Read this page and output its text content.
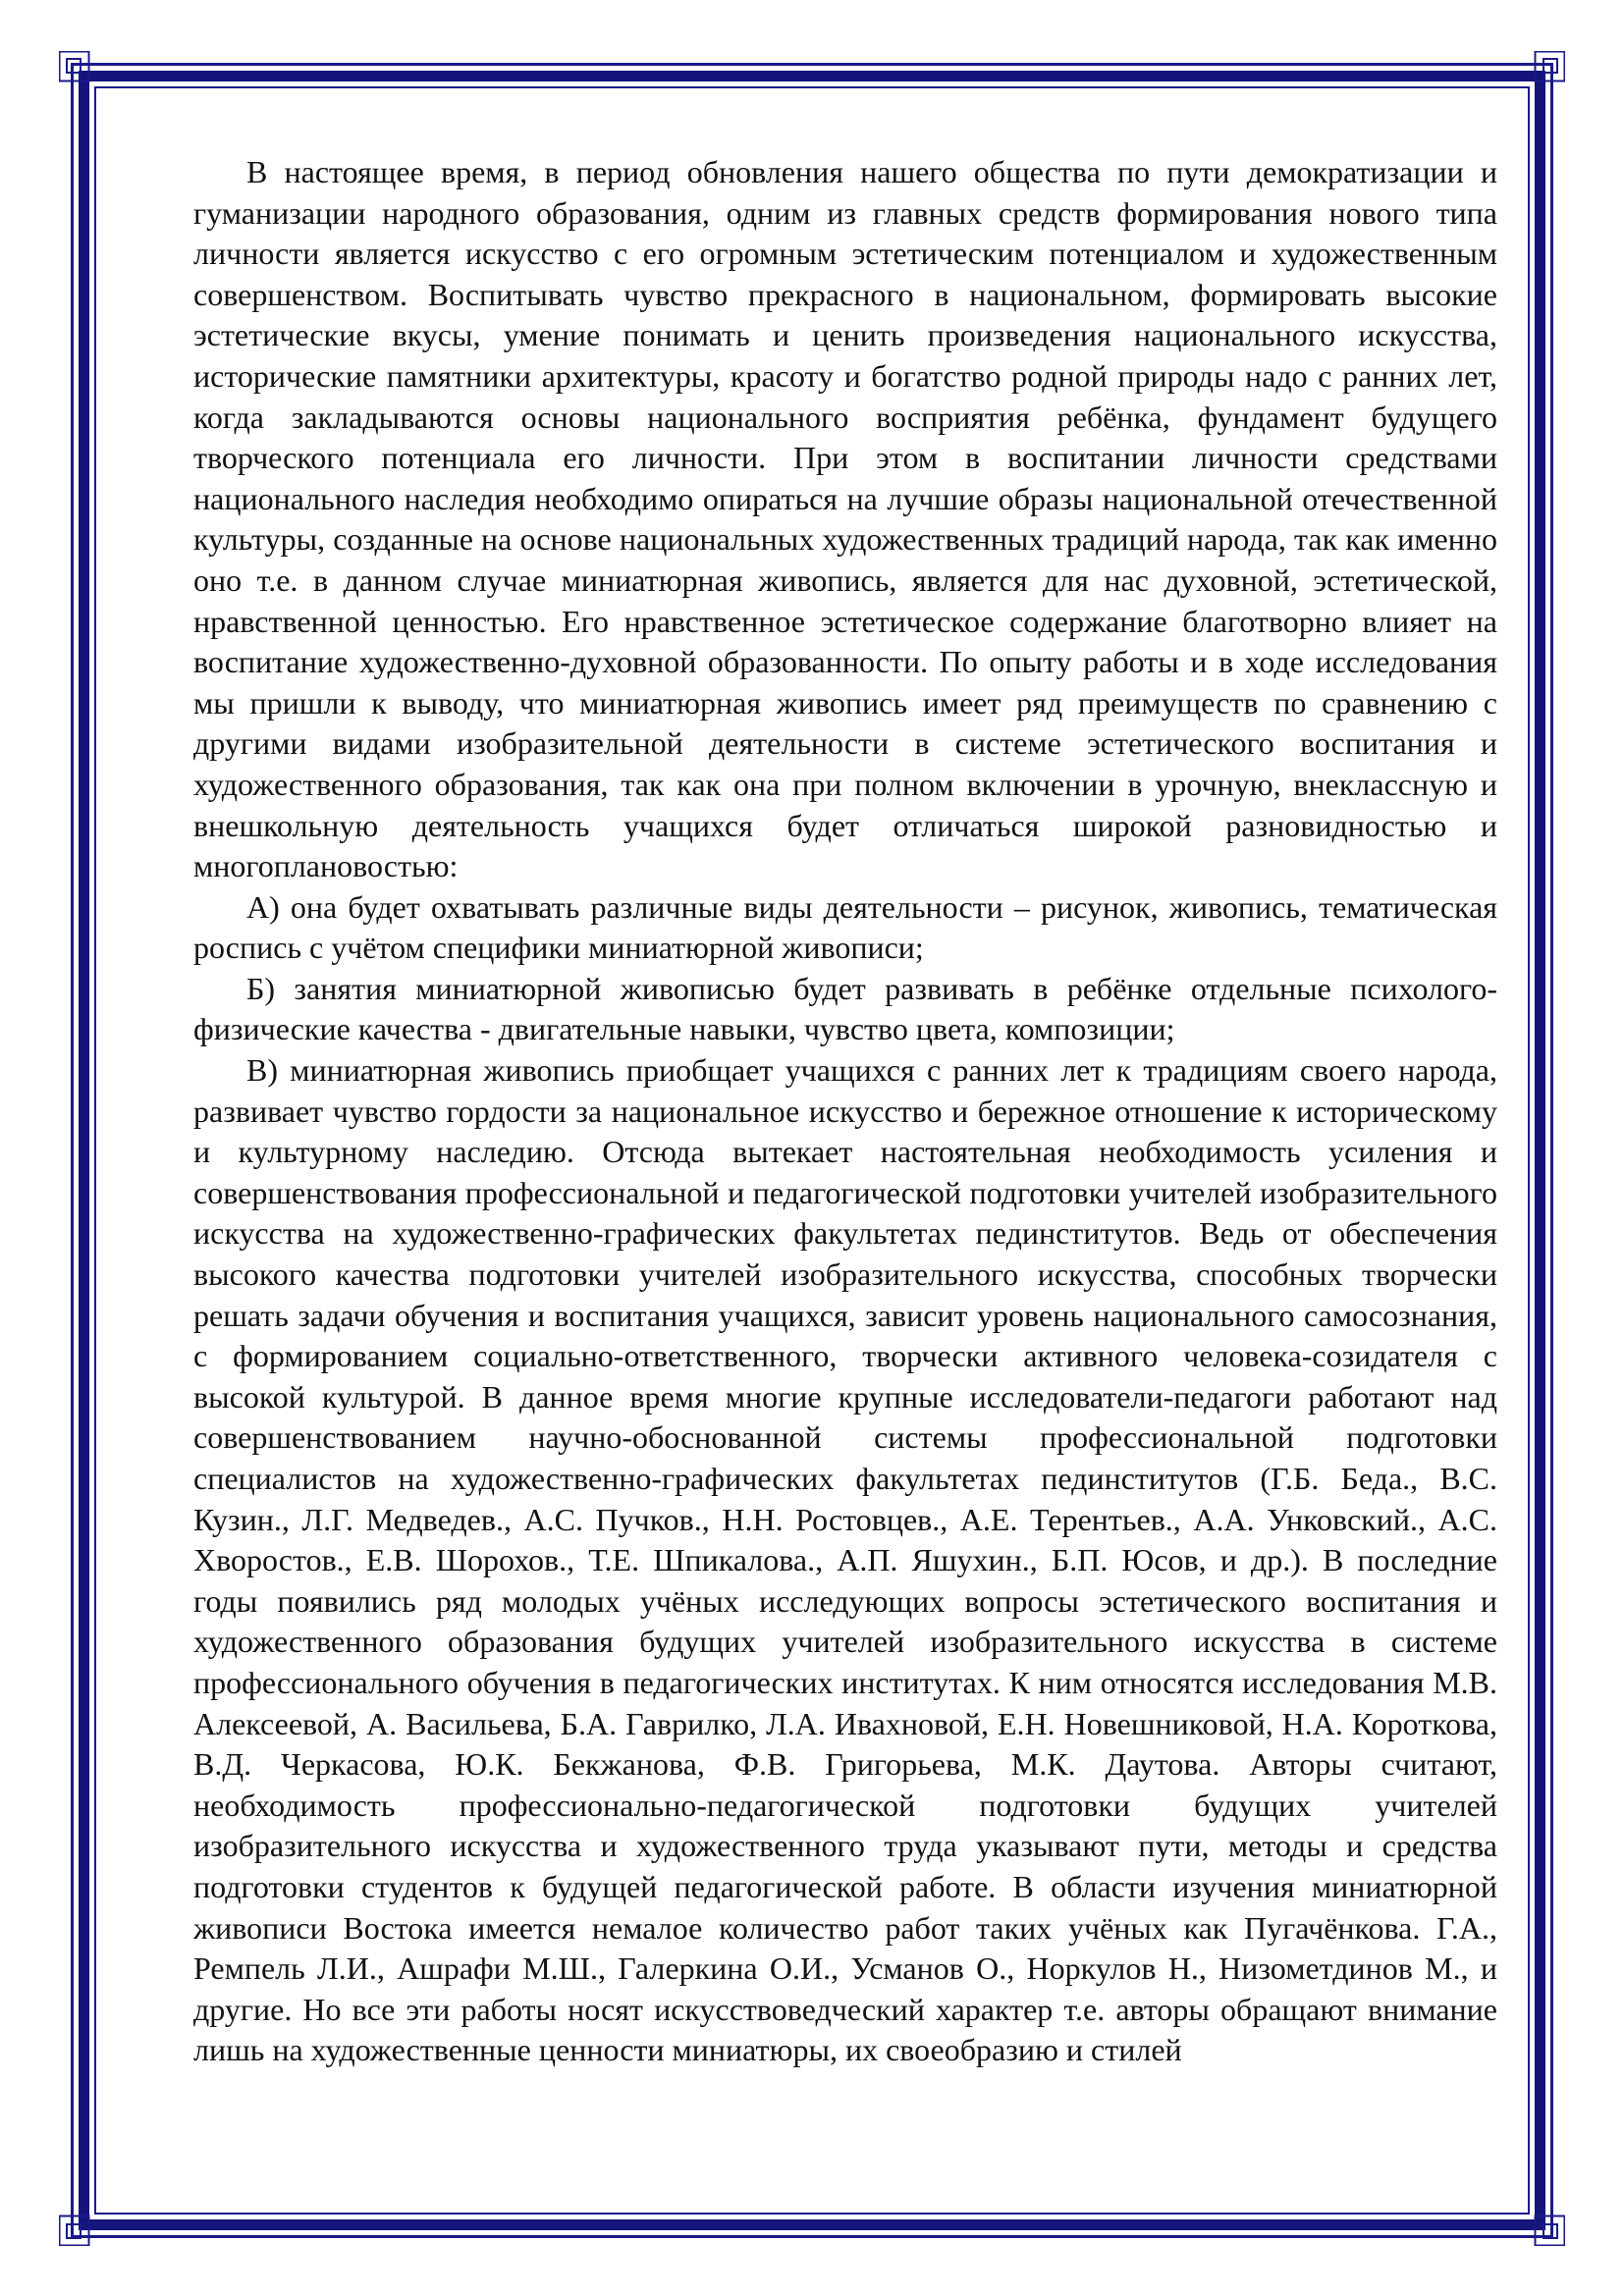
В настоящее время, в период обновления нашего общества по пути демократизации и гуманизации народного образования, одним из главных средств формирования нового типа личности является искусство с его огромным эстетическим потенциалом и художественным совершенством. Воспитывать чувство прекрасного в национальном, формировать высокие эстетические вкусы, умение понимать и ценить произведения национального искусства, исторические памятники архитектуры, красоту и богатство родной природы надо с ранних лет, когда закладываются основы национального восприятия ребёнка, фундамент будущего творческого потенциала его личности. При этом в воспитании личности средствами национального наследия необходимо опираться на лучшие образы национальной отечественной культуры, созданные на основе национальных художественных традиций народа, так как именно оно т.е. в данном случае миниатюрная живопись, является для нас духовной, эстетической, нравственной ценностью. Его нравственное эстетическое содержание благотворно влияет на воспитание художественно-духовной образованности. По опыту работы и в ходе исследования мы пришли к выводу, что миниатюрная живопись имеет ряд преимуществ по сравнению с другими видами изобразительной деятельности в системе эстетического воспитания и художественного образования, так как она при полном включении в урочную, внеклассную и внешкольную деятельность учащихся будет отличаться широкой разновидностью и многоплановостью:

А) она будет охватывать различные виды деятельности – рисунок, живопись, тематическая роспись с учётом специфики миниатюрной живописи;

Б) занятия миниатюрной живописью будет развивать в ребёнке отдельные психолого-физические качества - двигательные навыки, чувство цвета, композиции;

В) миниатюрная живопись приобщает учащихся с ранних лет к традициям своего народа, развивает чувство гордости за национальное искусство и бережное отношение к историческому и культурному наследию. Отсюда вытекает настоятельная необходимость усиления и совершенствования профессиональной и педагогической подготовки учителей изобразительного искусства на художественно-графических факультетах пединститутов. Ведь от обеспечения высокого качества подготовки учителей изобразительного искусства, способных творчески решать задачи обучения и воспитания учащихся, зависит уровень национального самосознания, с формированием социально-ответственного, творчески активного человека-созидателя с высокой культурой. В данное время многие крупные исследователи-педагоги работают над совершенствованием научно-обоснованной системы профессиональной подготовки специалистов на художественно-графических факультетах пединститутов (Г.Б. Беда., В.С. Кузин., Л.Г. Медведев., А.С. Пучков., Н.Н. Ростовцев., А.Е. Терентьев., А.А. Унковский., А.С. Хворостов., Е.В. Шорохов., Т.Е. Шпикалова., А.П. Яшухин., Б.П. Юсов, и др.). В последние годы появились ряд молодых учёных исследующих вопросы эстетического воспитания и художественного образования будущих учителей изобразительного искусства в системе профессионального обучения в педагогических институтах. К ним относятся исследования М.В. Алексеевой, А. Васильева, Б.А. Гаврилко, Л.А. Ивахновой, Е.Н. Новешниковой, Н.А. Короткова, В.Д. Черкасова, Ю.К. Бекжанова, Ф.В. Григорьева, М.К. Даутова. Авторы считают, необходимость профессионально-педагогической подготовки будущих учителей изобразительного искусства и художественного труда указывают пути, методы и средства подготовки студентов к будущей педагогической работе. В области изучения миниатюрной живописи Востока имеется немалое количество работ таких учёных как Пугачёнкова. Г.А., Ремпель Л.И., Ашрафи М.Ш., Галеркина О.И., Усманов О., Норкулов Н., Низометдинов М., и другие. Но все эти работы носят искусствоведческий характер т.е. авторы обращают внимание лишь на художественные ценности миниатюры, их своеобразию и стилей
